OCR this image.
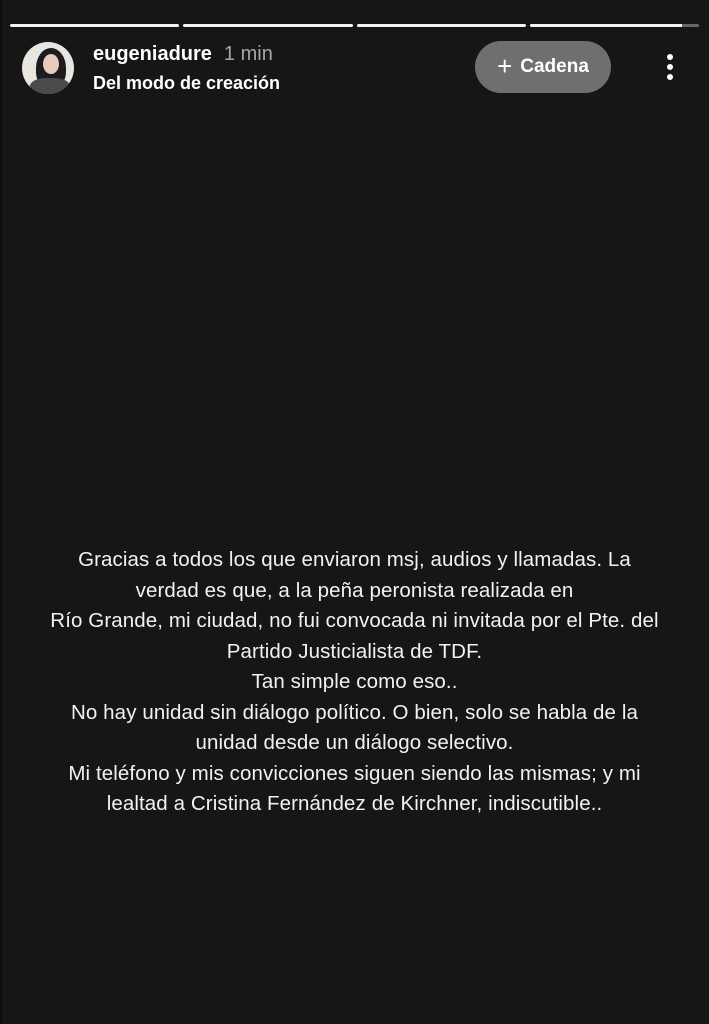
eugeniadure 1 min
Del modo de creación
+ Cadena
Gracias a todos los que enviaron msj, audios y llamadas. La
verdad es que, a la peña peronista realizada en
Río Grande, mi ciudad, no fui convocada ni invitada por el Pte. del
Partido Justicialista de TDF.
Tan simple como eso..
No hay unidad sin diálogo político. O bien, solo se habla de la
unidad desde un diálogo selectivo.
Mi teléfono y mis convicciones siguen siendo las mismas; y mi
lealtad a Cristina Fernández de Kirchner, indiscutible..
